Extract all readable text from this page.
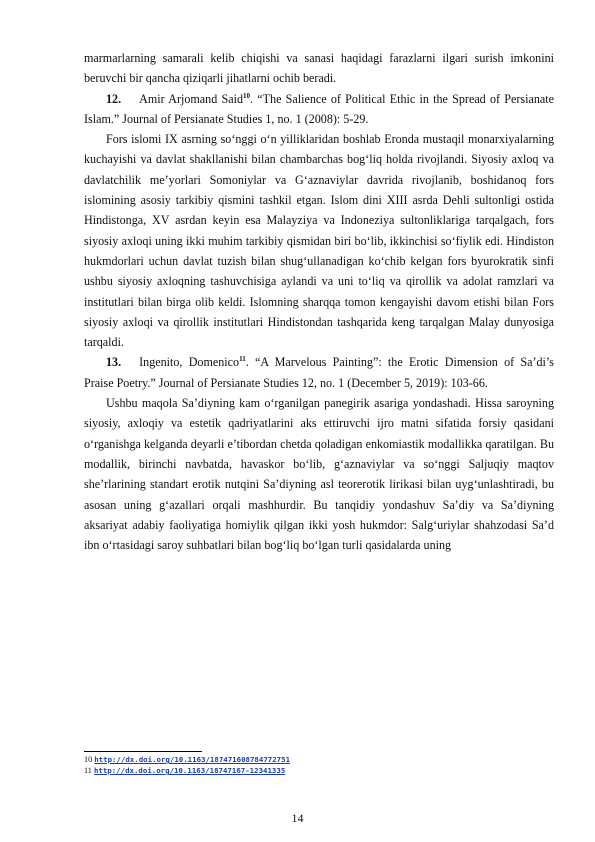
marmarlarning samarali kelib chiqishi va sanasi haqidagi farazlarni ilgari surish imkonini beruvchi bir qancha qiziqarli jihatlarni ochib beradi.

12. Amir Arjomand Said$^{10}$. “The Salience of Political Ethic in the Spread of Persianate Islam.” Journal of Persianate Studies 1, no. 1 (2008): 5-29.

Fors islomi IX asrning so‘nggi o‘n yilliklaridan boshlab Eronda mustaqil monarxiyalarning kuchayishi va davlat shakllanishi bilan chambarchas bog‘liq holda rivojlandi. Siyosiy axloq va davlatchilik me’yorlari Somoniylar va G‘aznaviylar davrida rivojlanib, boshidanoq fors islomining asosiy tarkibiy qismini tashkil etgan. Islom dini XIII asrda Dehli sultonligi ostida Hindistonga, XV asrdan keyin esa Malayziya va Indoneziya sultonliklariga tarqalgach, fors siyosiy axloqi uning ikki muhim tarkibiy qismidan biri bo‘lib, ikkinchisi so‘fiylik edi. Hindiston hukmdorlari uchun davlat tuzish bilan shug‘ullanadigan ko‘chib kelgan fors byurokratik sinfi ushbu siyosiy axloqning tashuvchisiga aylandi va uni to‘liq va qirollik va adolat ramzlari va institutlari bilan birga olib keldi. Islomning sharqqa tomon kengayishi davom etishi bilan Fors siyosiy axloqi va qirollik institutlari Hindistondan tashqarida keng tarqalgan Malay dunyosiga tarqaldi.

13. Ingenito, Domenico$^{11}$. “A Marvelous Painting”: the Erotic Dimension of Sa’di’s Praise Poetry.” Journal of Persianate Studies 12, no. 1 (December 5, 2019): 103-66.

Ushbu maqola Sa’diyning kam o‘rganilgan panegirik asariga yondashadi. Hissa saroyning siyosiy, axloqiy va estetik qadriyatlarini aks ettiruvchi ijro matni sifatida forsiy qasidani o‘rganishga kelganda deyarli e’tibordan chetda qoladigan enkomiastik modallikka qaratilgan. Bu modallik, birinchi navbatda, havaskor bo‘lib, g‘aznaviylar va so‘nggi Saljuqiy maqtov she’rlarining standart erotik nutqini Sa’diyning asl teorerotik lirikasi bilan uyg‘unlashtiradi, bu asosan uning g‘azallari orqali mashhurdir. Bu tanqidiy yondashuv Sa’diy va Sa’diyning aksariyat adabiy faoliyatiga homiylik qilgan ikki yosh hukmdor: Salg‘uriylar shahzodasi Sa’d ibn o‘rtasidagi saroy suhbatlari bilan bog‘liq bo‘lgan turli qasidalarda uning

10 http://dx.doi.org/10.1163/187471608784772751
11 http://dx.doi.org/10.1163/18747167-12341335
14
